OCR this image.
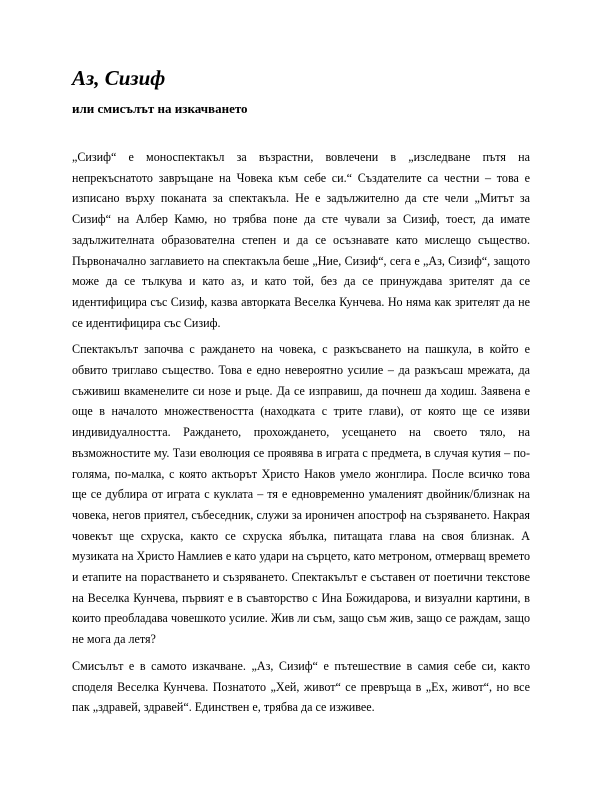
Аз, Сизиф
или смисълът на изкачването

„Сизиф“ е моноспектакъл за възрастни, вовлечени в „изследване пътя на непрекъснатото завръщане на Човека към себе си.“ Създателите са честни – това е изписано върху поканата за спектакъла. Не е задължително да сте чели „Митът за Сизиф“ на Албер Камю, но трябва поне да сте чували за Сизиф, тоест, да имате задължителната образователна степен и да се осъзнавате като мислещо същество. Първоначално заглавието на спектакъла беше „Ние, Сизиф“, сега е „Аз, Сизиф“, защото може да се тълкува и като аз, и като той, без да се принуждава зрителят да се идентифицира със Сизиф, казва авторката Веселка Кунчева. Но няма как зрителят да не се идентифицира със Сизиф.

Спектакълът започва с раждането на човека, с разкъсването на пашкула, в който е обвито триглаво същество. Това е едно невероятно усилие – да разкъсаш мрежата, да съживиш вкаменелите си нозе и ръце. Да се изправиш, да почнеш да ходиш. Заявена е още в началото множествеността (находката с трите глави), от която ще се изяви индивидуалността. Раждането, прохождането, усещането на своето тяло, на възможностите му. Тази еволюция се проявява в играта с предмета, в случая кутия – по-голяма, по-малка, с която актьорът Христо Наков умело жонглира. После всичко това ще се дублира от играта с куклата – тя е едновременно умаленият двойник/близнак на човека, негов приятел, събеседник, служи за ироничен апостроф на съзряването. Накрая човекът ще схруска, както се схруска ябълка, питащата глава на своя близнак. А музиката на Христо Намлиев е като удари на сърцето, като метроном, отмерващ времето и етапите на порастването и съзряването. Спектакълът е съставен от поетични текстове на Веселка Кунчева, първият е в съавторство с Ина Божидарова, и визуални картини, в които преобладава човешкото усилие. Жив ли съм, защо съм жив, защо се раждам, защо не мога да летя?

Смисълът е в самото изкачване. „Аз, Сизиф“ е пътешествие в самия себе си, както споделя Веселка Кунчева. Познатото „Хей, живот“ се превръща в „Ех, живот“, но все пак „здравей, здравей“. Единствен е, трябва да се изживее.
